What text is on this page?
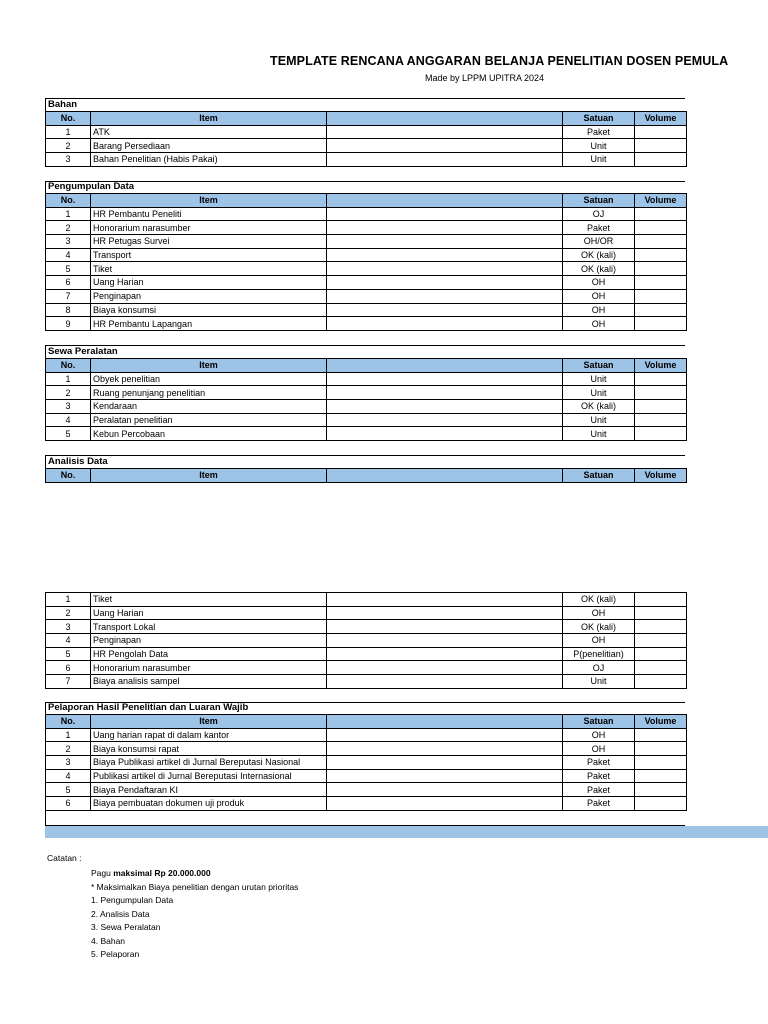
TEMPLATE RENCANA ANGGARAN BELANJA PENELITIAN DOSEN PEMULA
Made by LPPM UPITRA 2024
Bahan
No.	Item		Satuan	Volume
1	ATK		Paket	
2	Barang Persediaan		Unit	
3	Bahan Penelitian (Habis Pakai)		Unit	
Pengumpulan Data
No.	Item		Satuan	Volume
1	HR Pembantu Peneliti		OJ	
2	Honorarium narasumber		Paket	
3	HR Petugas Survei		OH/OR	
4	Transport		OK (kali)	
5	Tiket		OK (kali)	
6	Uang Harian		OH	
7	Penginapan		OH	
8	Biaya konsumsi		OH	
9	HR Pembantu Lapangan		OH	
Sewa Peralatan
No.	Item		Satuan	Volume
1	Obyek penelitian		Unit	
2	Ruang penunjang penelitian		Unit	
3	Kendaraan		OK (kali)	
4	Peralatan penelitian		Unit	
5	Kebun Percobaan		Unit	
Analisis Data
No.	Item		Satuan	Volume
1	Tiket		OK (kali)	
2	Uang Harian		OH	
3	Transport Lokal		OK (kali)	
4	Penginapan		OH	
5	HR Pengolah Data		P(penelitian)	
6	Honorarium narasumber		OJ	
7	Biaya analisis sampel		Unit	
Pelaporan Hasil Penelitian dan Luaran Wajib
No.	Item		Satuan	Volume
1	Uang harian rapat di dalam kantor		OH	
2	Biaya konsumsi rapat		OH	
3	Biaya Publikasi artikel di Jurnal Bereputasi Nasional		Paket	
4	Publikasi artikel di Jurnal Bereputasi Internasional		Paket	
5	Biaya Pendaftaran KI		Paket	
6	Biaya pembuatan dokumen uji produk		Paket	

Catatan :
Pagu maksimal Rp 20.000.000
* Maksimalkan Biaya penelitian dengan urutan prioritas
1. Pengumpulan Data
2. Analisis Data
3. Sewa Peralatan
4. Bahan
5. Pelaporan
